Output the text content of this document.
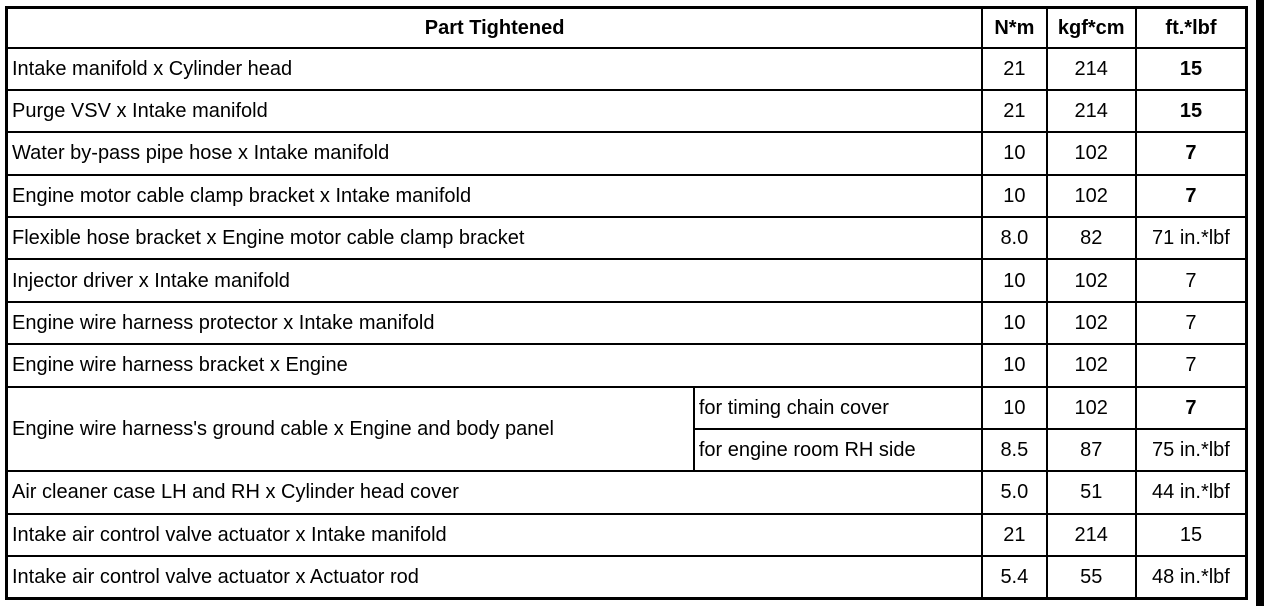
Part Tightened		N*m	kgf*cm	ft.*lbf
Intake manifold x Cylinder head		21	214	15
Purge VSV x Intake manifold		21	214	15
Water by-pass pipe hose x Intake manifold		10	102	7
Engine motor cable clamp bracket x Intake manifold		10	102	7
Flexible hose bracket x Engine motor cable clamp bracket		8.0	82	71 in.*lbf
Injector driver x Intake manifold		10	102	7
Engine wire harness protector x Intake manifold		10	102	7
Engine wire harness bracket x Engine		10	102	7
Engine wire harness's ground cable x Engine and body panel	for timing chain cover	10	102	7
	for engine room RH side	8.5	87	75 in.*lbf
Air cleaner case LH and RH x Cylinder head cover		5.0	51	44 in.*lbf
Intake air control valve actuator x Intake manifold		21	214	15
Intake air control valve actuator x Actuator rod		5.4	55	48 in.*lbf
